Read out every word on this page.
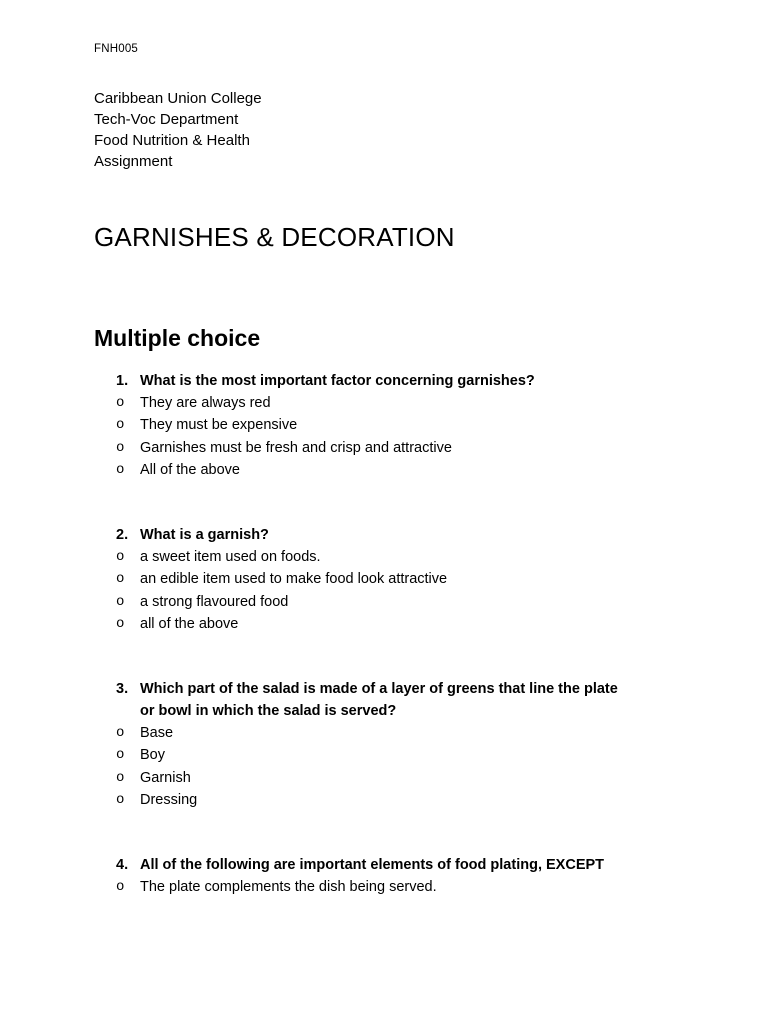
FNH005
Caribbean Union College
Tech-Voc Department
Food Nutrition & Health
Assignment
GARNISHES & DECORATION
Multiple choice
1. What is the most important factor concerning garnishes?
o They are always red
o They must be expensive
o Garnishes must be fresh and crisp and attractive
o All of the above
2. What is a garnish?
o a sweet item used on foods.
o an edible item used to make food look attractive
o a strong flavoured food
o all of the above
3. Which part of the salad is made of a layer of greens that line the plate
or bowl in which the salad is served?
o Base
o Boy
o Garnish
o Dressing
4. All of the following are important elements of food plating, EXCEPT
o The plate complements the dish being served.
